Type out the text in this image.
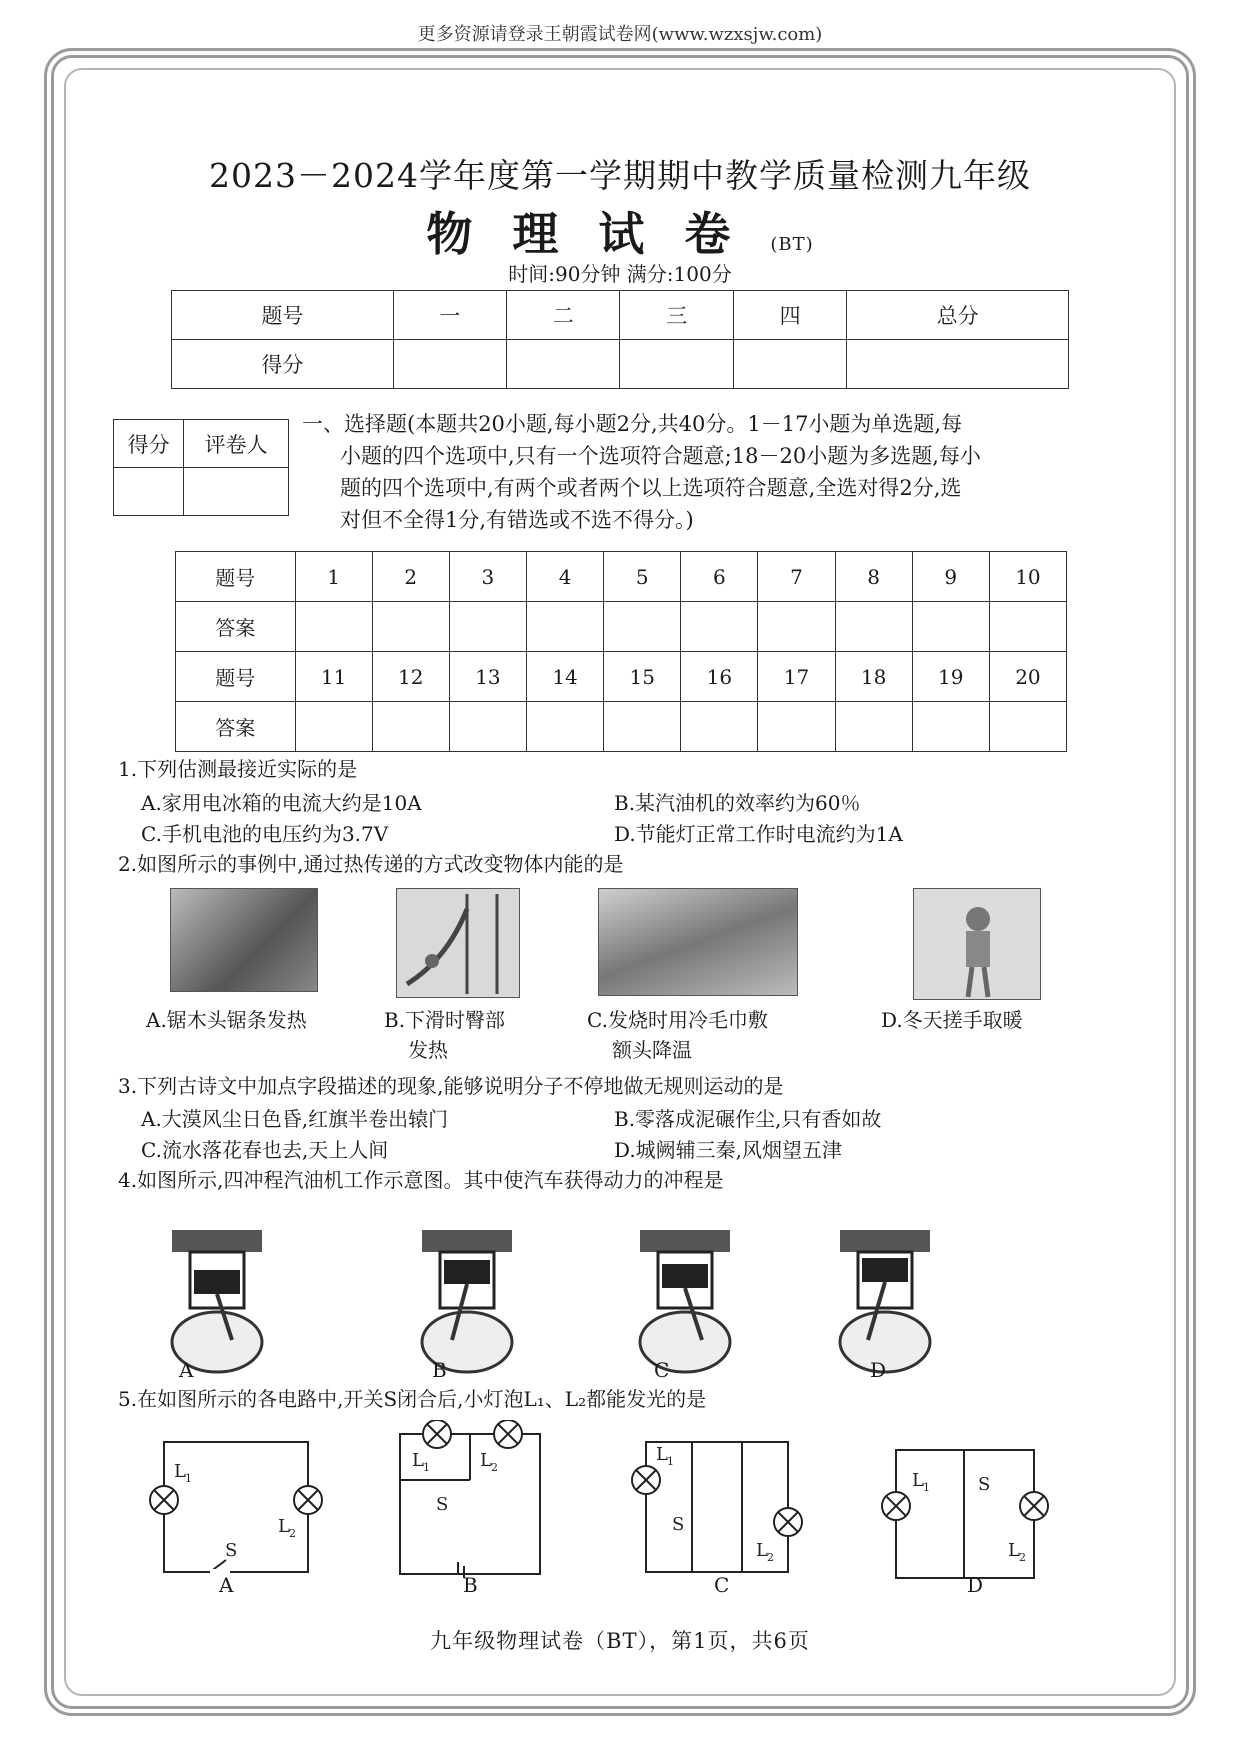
更多资源请登录王朝霞试卷网(www.wzxsjw.com)
2023－2024学年度第一学期期中教学质量检测九年级
物理试卷(BT)
时间:90分钟 满分:100分
题号	一	二	三	四	总分
得分					
得分	评卷人

一、选择题(本题共20小题,每小题2分,共40分。1－17小题为单选题,每
小题的四个选项中,只有一个选项符合题意;18－20小题为多选题,每小
题的四个选项中,有两个或者两个以上选项符合题意,全选对得2分,选
对但不全得1分,有错选或不选不得分。)
题号	1	2	3	4	5	6	7	8	9	10
答案										
题号	11	12	13	14	15	16	17	18	19	20
答案										
1.下列估测最接近实际的是
A.家用电冰箱的电流大约是10A	B.某汽油机的效率约为60％
C.手机电池的电压约为3.7V	D.节能灯正常工作时电流约为1A
2.如图所示的事例中,通过热传递的方式改变物体内能的是
A.锯木头锯条发热	B.下滑时臀部
发热
C.发烧时用冷毛巾敷
额头降温
D.冬天搓手取暖
3.下列古诗文中加点字段描述的现象,能够说明分子不停地做无规则运动的是
A.大漠风尘日色昏,红旗半卷出辕门	B.零落成泥碾作尘,只有香如故
C.流水落花春也去,天上人间	D.城阙辅三秦,风烟望五津
4.如图所示,四冲程汽油机工作示意图。其中使汽车获得动力的冲程是
A	B	C	D
5.在如图所示的各电路中,开关S闭合后,小灯泡L₁、L₂都能发光的是
L 1
L 2
S
L 1	L 2
S
L 1
L 2
S
L 1
L 2
S
A	B	C	D
九年级物理试卷（BT），第1页，共6页
